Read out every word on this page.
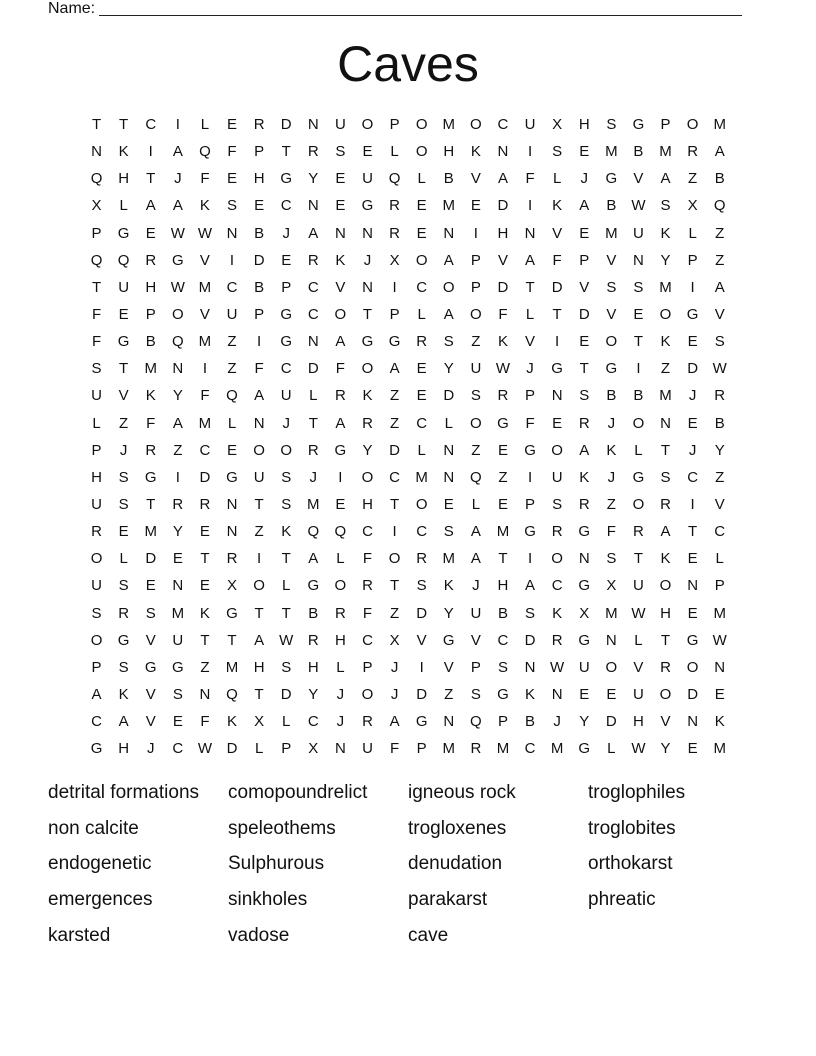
Name:
Caves
T	T	C	I	L	E	R	D	N	U	O	P	O	M	O	C	U	X	H	S	G	P	O	M
N	K	I	A	Q	F	P	T	R	S	E	L	O	H	K	N	I	S	E	M	B	M	R	A
Q	H	T	J	F	E	H	G	Y	E	U	Q	L	B	V	A	F	L	J	G	V	A	Z	B
X	L	A	A	K	S	E	C	N	E	G	R	E	M	E	D	I	K	A	B	W	S	X	Q
P	G	E	W W N	B	J	A	N	N	R	E	N	I	H	N	V	E	M	U	K	L	Z
Q	Q	R	G	V	I	D	E	R	K	J	X	O	A	P	V	A	F	P	V	N	Y	P	Z
T	U	H W M	C	B	P	C	V	N	I	C	O	P	D	T	D	V	S	S	M	I	A
F	E	P	O	V	U	P	G	C	O	T	P	L	A	O	F	L	T	D	V	E	O	G	V
F	G	B	Q	M	Z	I	G	N	A	G	G	R	S	Z	K	V	I	E	O	T	K	E	S
S	T	M	N	I	Z	F	C	D	F	O	A	E	Y	U W	J	G	T	G	I	Z	D W
U	V	K	Y	F	Q	A	U	L	R	K	Z	E	D	S	R	P	N	S	B	B	M	J	R
L	Z	F	A	M	L	N	J	T	A	R	Z	C	L	O	G	F	E	R	J	O	N	E	B
P	J	R	Z	C	E	O	O	R	G	Y	D	L	N	Z	E	G	O	A	K	L	T	J	Y
H	S	G	I	D	G	U	S	J	I	O	C	M	N	Q	Z	I	U	K	J	G	S	C	Z
U	S	T	R	R	N	T	S	M	E	H	T	O	E	L	E	P	S	R	Z	O	R	I	V
R	E	M	Y	E	N	Z	K	Q	Q	C	I	C	S	A	M	G	R	G	F	R	A	T	C
O	L	D	E	T	R	I	T	A	L	F	O	R	M	A	T	I	O	N	S	T	K	E	L
U	S	E	N	E	X	O	L	G	O	R	T	S	K	J	H	A	C	G	X	U	O	N	P
S	R	S	M	K	G	T	T	B	R	F	Z	D	Y	U	B	S	K	X	M W H	E	M
O	G	V	U	T	T	A	W R	H	C	X	V	G	V	C	D	R	G	N	L	T	G W
P	S	G	G	Z	M	H	S	H	L	P	J	I	V	P	S	N W U	O	V	R	O	N
A	K	V	S	N	Q	T	D	Y	J	O	J	D	Z	S	G	K	N	E	E	U	O	D	E
C	A	V	E	F	K	X	L	C	J	R	A	G	N	Q	P	B	J	Y	D	H	V	N	K
G	H	J	C W D	L	P	X	N	U	F	P	M	R	M	C	M	G	L	W	Y	E	M
detrital formations	comopoundrelict	igneous rock	troglophiles
non calcite	speleothems	trogloxenes	troglobites
endogenetic	Sulphurous	denudation	orthokarst
emergences	sinkholes	parakarst	phreatic
karsted	vadose	cave
